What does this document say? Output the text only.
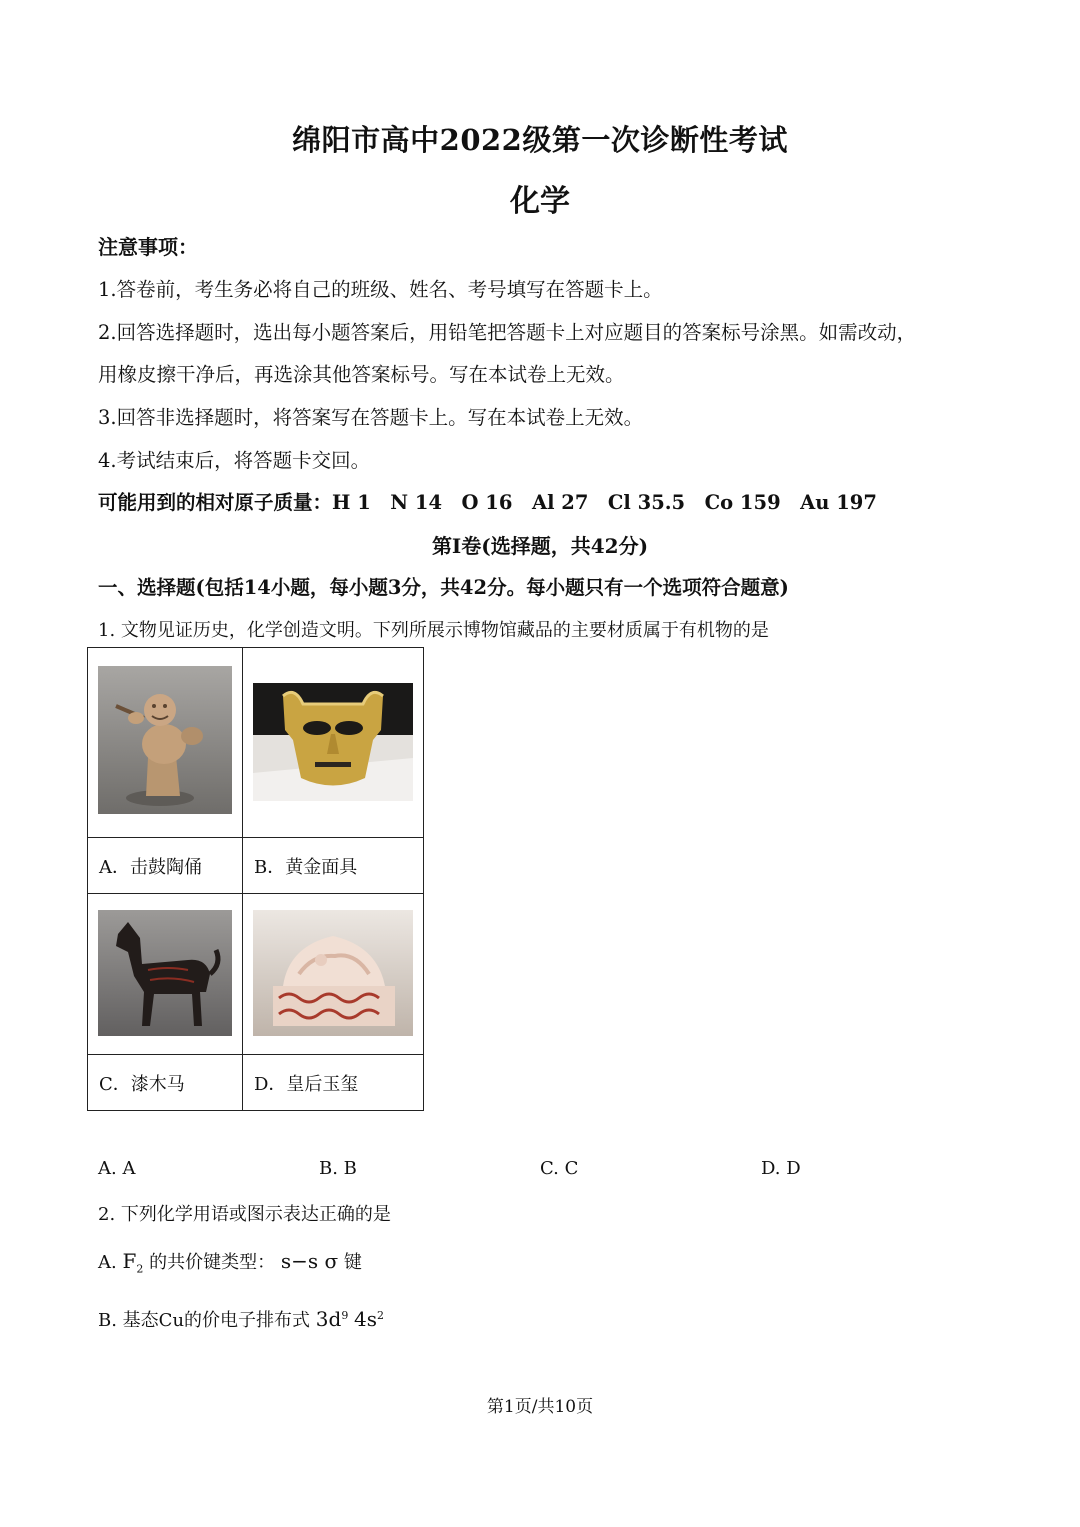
绵阳市高中2022级第一次诊断性考试
化学
注意事项：
1.答卷前，考生务必将自己的班级、姓名、考号填写在答题卡上。
2.回答选择题时，选出每小题答案后，用铅笔把答题卡上对应题目的答案标号涂黑。如需改动，
用橡皮擦干净后，再选涂其他答案标号。写在本试卷上无效。
3.回答非选择题时，将答案写在答题卡上。写在本试卷上无效。
4.考试结束后，将答题卡交回。
可能用到的相对原子质量：H 1　N 14　O 16　Al 27　Cl 35.5　Co 159　Au 197
第Ⅰ卷(选择题，共42分)
一、选择题(包括14小题，每小题3分，共42分。每小题只有一个选项符合题意)
1. 文物见证历史，化学创造文明。下列所展示博物馆藏品的主要材质属于有机物的是

A．击鼓陶俑	B．黄金面具

C．漆木马	D．皇后玉玺
A. A	B. B	C. C	D. D
2. 下列化学用语或图示表达正确的是
A. $F_2$ 的共价键类型： s−s σ 键
B. 基态Cu的价电子排布式 $3d^9$ $4s^2$
第1页/共10页
